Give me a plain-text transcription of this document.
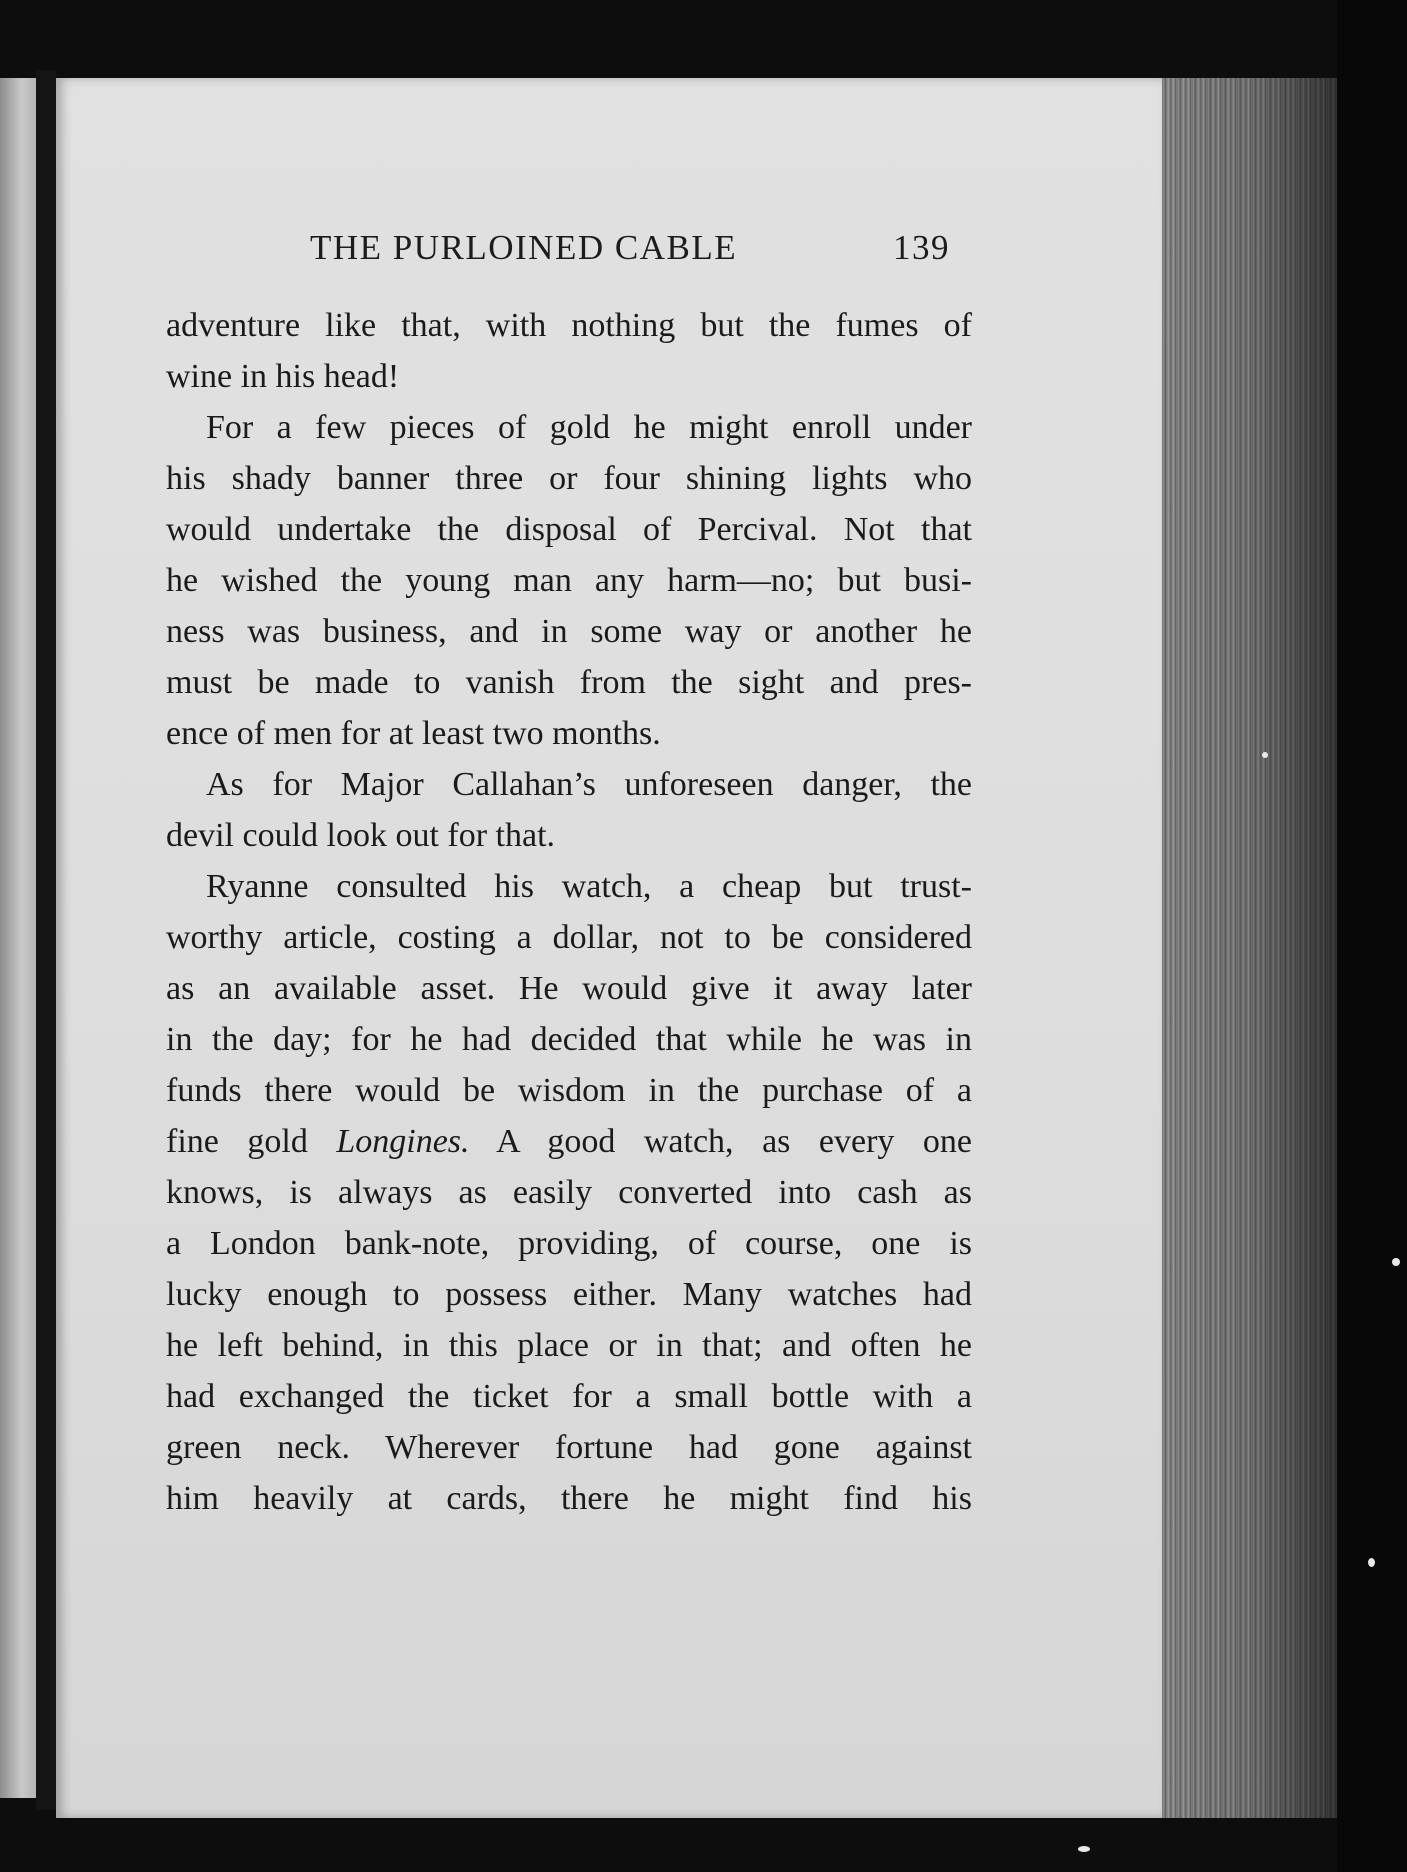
THE PURLOINED CABLE	139
adventure like that, with nothing but the fumes of
wine in his head!
For a few pieces of gold he might enroll under
his shady banner three or four shining lights who
would undertake the disposal of Percival. Not that
he wished the young man any harm—no; but busi-
ness was business, and in some way or another he
must be made to vanish from the sight and pres-
ence of men for at least two months.
As for Major Callahan’s unforeseen danger, the
devil could look out for that.
Ryanne consulted his watch, a cheap but trust-
worthy article, costing a dollar, not to be considered
as an available asset. He would give it away later
in the day; for he had decided that while he was in
funds there would be wisdom in the purchase of a
fine gold Longines. A good watch, as every one
knows, is always as easily converted into cash as
a London bank-note, providing, of course, one is
lucky enough to possess either. Many watches had
he left behind, in this place or in that; and often he
had exchanged the ticket for a small bottle with a
green neck. Wherever fortune had gone against
him heavily at cards, there he might find his
